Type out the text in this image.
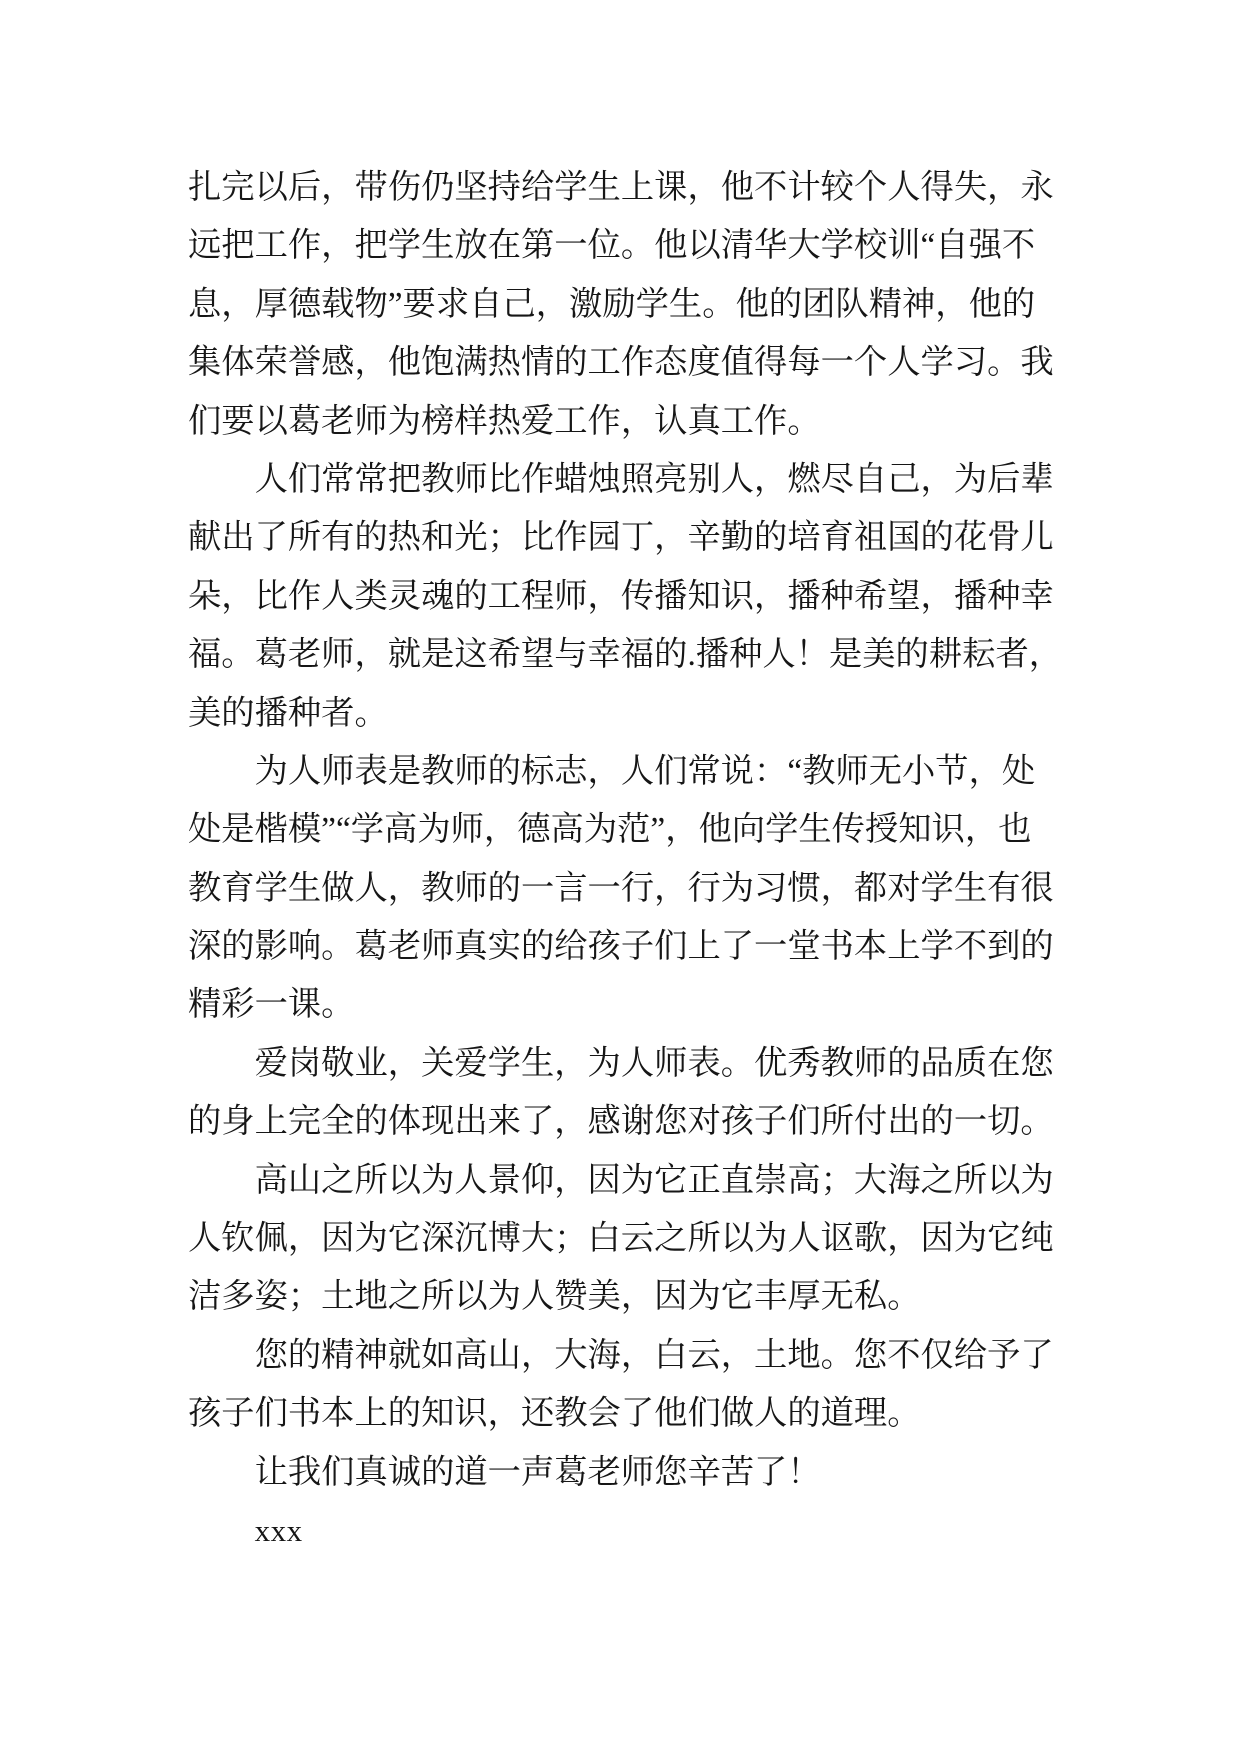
扎完以后，带伤仍坚持给学生上课，他不计较个人得失，永
远把工作，把学生放在第一位。他以清华大学校训“自强不
息，厚德载物”要求自己，激励学生。他的团队精神，他的
集体荣誉感，他饱满热情的工作态度值得每一个人学习。我
们要以葛老师为榜样热爱工作，认真工作。
人们常常把教师比作蜡烛照亮别人，燃尽自己，为后辈
献出了所有的热和光；比作园丁，辛勤的培育祖国的花骨儿
朵，比作人类灵魂的工程师，传播知识，播种希望，播种幸
福。葛老师，就是这希望与幸福的.播种人！是美的耕耘者，
美的播种者。
为人师表是教师的标志，人们常说：“教师无小节，处
处是楷模”“学高为师，德高为范”，他向学生传授知识，也
教育学生做人，教师的一言一行，行为习惯，都对学生有很
深的影响。葛老师真实的给孩子们上了一堂书本上学不到的
精彩一课。
爱岗敬业，关爱学生，为人师表。优秀教师的品质在您
的身上完全的体现出来了，感谢您对孩子们所付出的一切。
高山之所以为人景仰，因为它正直崇高；大海之所以为
人钦佩，因为它深沉博大；白云之所以为人讴歌，因为它纯
洁多姿；土地之所以为人赞美，因为它丰厚无私。
您的精神就如高山，大海，白云，土地。您不仅给予了
孩子们书本上的知识，还教会了他们做人的道理。
让我们真诚的道一声葛老师您辛苦了！
xxx
